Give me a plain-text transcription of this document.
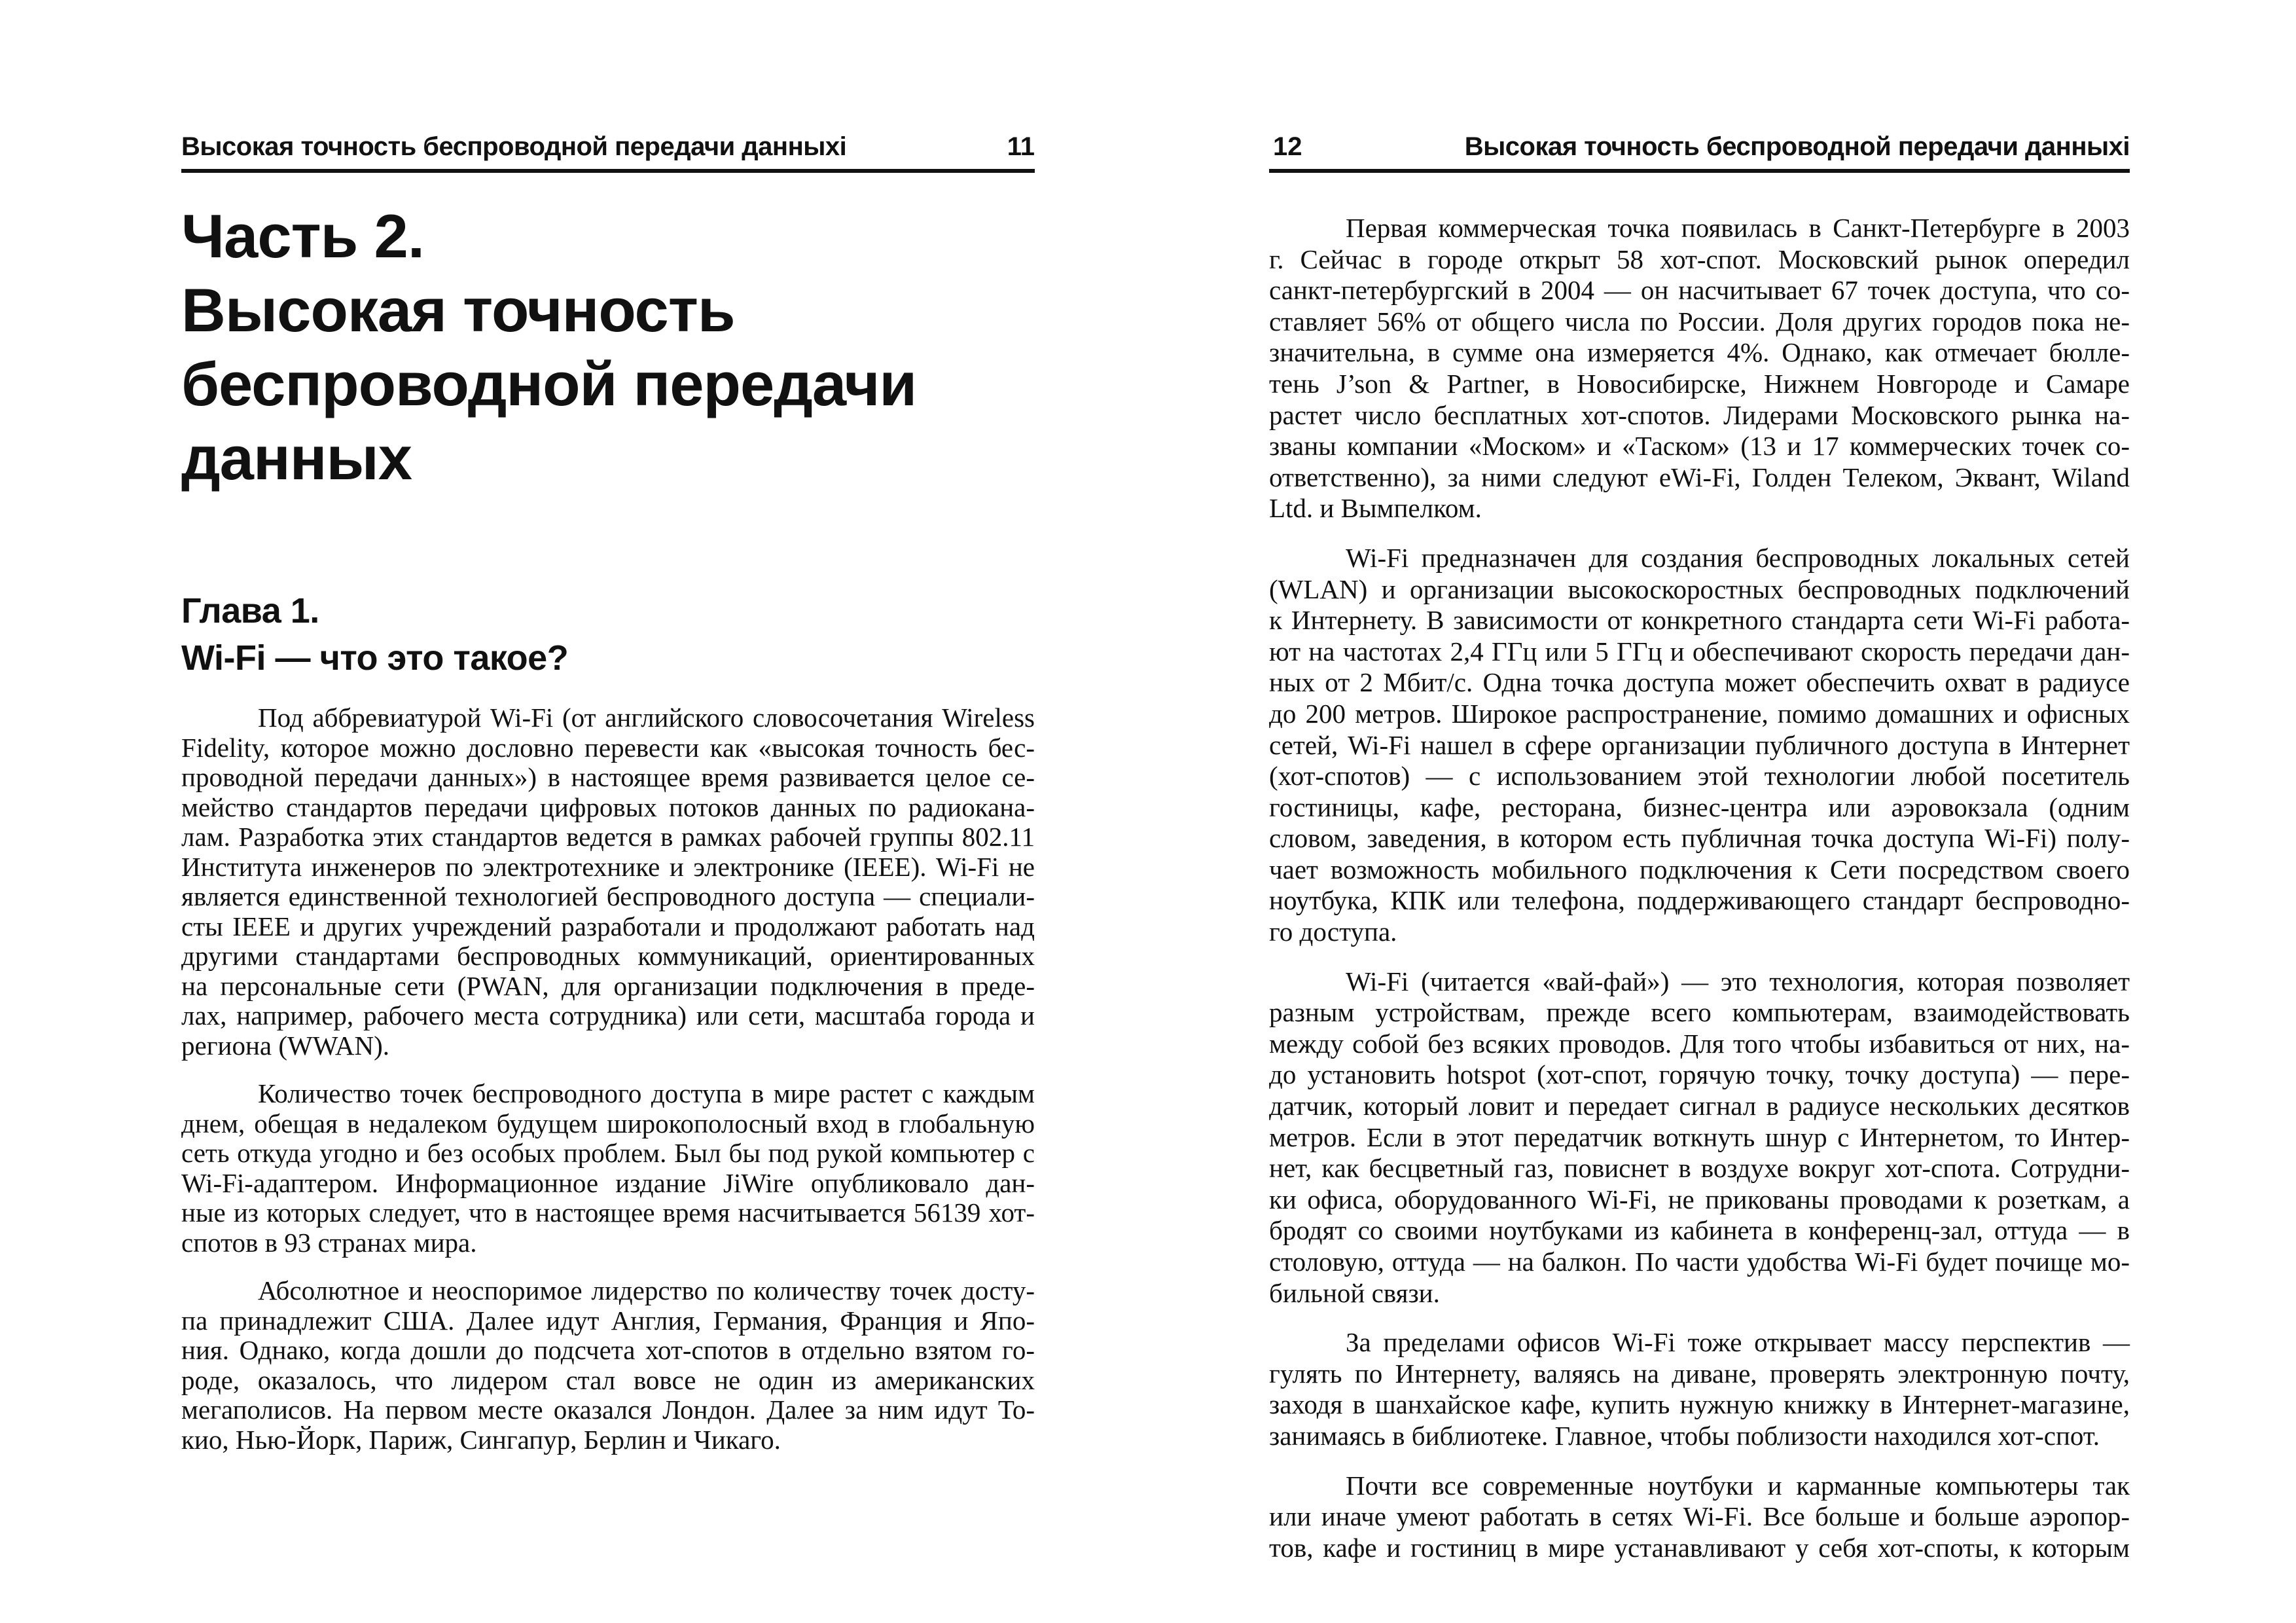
Высокая точность беспроводной передачи данныхі	11
Часть 2.
Высокая точность
беспроводной передачи
данных
Глава 1.
Wi-Fi — что это такое?
Под аббревиатурой Wi-Fi (от английского словосочетания Wireless
Fidelity, которое можно дословно перевести как «высокая точность бес-
проводной передачи данных») в настоящее время развивается целое се-
мейство стандартов передачи цифровых потоков данных по радиокана-
лам. Разработка этих стандартов ведется в рамках рабочей группы 802.11
Института инженеров по электротехнике и электронике (IEEE). Wi-Fi не
является единственной технологией беспроводного доступа — специали-
сты IEEE и других учреждений разработали и продолжают работать над
другими стандартами беспроводных коммуникаций, ориентированных
на персональные сети (PWAN, для организации подключения в преде-
лах, например, рабочего места сотрудника) или сети, масштаба города и
региона (WWAN).
Количество точек беспроводного доступа в мире растет с каждым
днем, обещая в недалеком будущем широкополосный вход в глобальную
сеть откуда угодно и без особых проблем. Был бы под рукой компьютер с
Wi-Fi-адаптером. Информационное издание JiWire опубликовало дан-
ные из которых следует, что в настоящее время насчитывается 56139 хот-
спотов в 93 странах мира.
Абсолютное и неоспоримое лидерство по количеству точек досту-
па принадлежит США. Далее идут Англия, Германия, Франция и Япо-
ния. Однако, когда дошли до подсчета хот-спотов в отдельно взятом го-
роде, оказалось, что лидером стал вовсе не один из американских
мегаполисов. На первом месте оказался Лондон. Далее за ним идут То-
кио, Нью-Йорк, Париж, Сингапур, Берлин и Чикаго.
12	Высокая точность беспроводной передачи данныхі
Первая коммерческая точка появилась в Санкт-Петербурге в 2003
г. Сейчас в городе открыт 58 хот-спот. Московский рынок опередил
санкт-петербургский в 2004 — он насчитывает 67 точек доступа, что со-
ставляет 56% от общего числа по России. Доля других городов пока не-
значительна, в сумме она измеряется 4%. Однако, как отмечает бюлле-
тень J’son & Partner, в Новосибирске, Нижнем Новгороде и Самаре
растет число бесплатных хот-спотов. Лидерами Московского рынка на-
званы компании «Моском» и «Таском» (13 и 17 коммерческих точек со-
ответственно), за ними следуют eWi-Fi, Голден Телеком, Эквант, Wiland
Ltd. и Вымпелком.
Wi-Fi предназначен для создания беспроводных локальных сетей
(WLAN) и организации высокоскоростных беспроводных подключений
к Интернету. В зависимости от конкретного стандарта сети Wi-Fi работа-
ют на частотах 2,4 ГГц или 5 ГГц и обеспечивают скорость передачи дан-
ных от 2 Мбит/с. Одна точка доступа может обеспечить охват в радиусе
до 200 метров. Широкое распространение, помимо домашних и офисных
сетей, Wi-Fi нашел в сфере организации публичного доступа в Интернет
(хот-спотов) — с использованием этой технологии любой посетитель
гостиницы, кафе, ресторана, бизнес-центра или аэровокзала (одним
словом, заведения, в котором есть публичная точка доступа Wi-Fi) полу-
чает возможность мобильного подключения к Сети посредством своего
ноутбука, КПК или телефона, поддерживающего стандарт беспроводно-
го доступа.
Wi-Fi (читается «вай-фай») — это технология, которая позволяет
разным устройствам, прежде всего компьютерам, взаимодействовать
между собой без всяких проводов. Для того чтобы избавиться от них, на-
до установить hotspot (хот-спот, горячую точку, точку доступа) — пере-
датчик, который ловит и передает сигнал в радиусе нескольких десятков
метров. Если в этот передатчик воткнуть шнур с Интернетом, то Интер-
нет, как бесцветный газ, повиснет в воздухе вокруг хот-спота. Сотрудни-
ки офиса, оборудованного Wi-Fi, не прикованы проводами к розеткам, а
бродят со своими ноутбуками из кабинета в конференц-зал, оттуда — в
столовую, оттуда — на балкон. По части удобства Wi-Fi будет почище мо-
бильной связи.
За пределами офисов Wi-Fi тоже открывает массу перспектив —
гулять по Интернету, валяясь на диване, проверять электронную почту,
заходя в шанхайское кафе, купить нужную книжку в Интернет-магазине,
занимаясь в библиотеке. Главное, чтобы поблизости находился хот-спот.
Почти все современные ноутбуки и карманные компьютеры так
или иначе умеют работать в сетях Wi-Fi. Все больше и больше аэропор-
тов, кафе и гостиниц в мире устанавливают у себя хот-споты, к которым
